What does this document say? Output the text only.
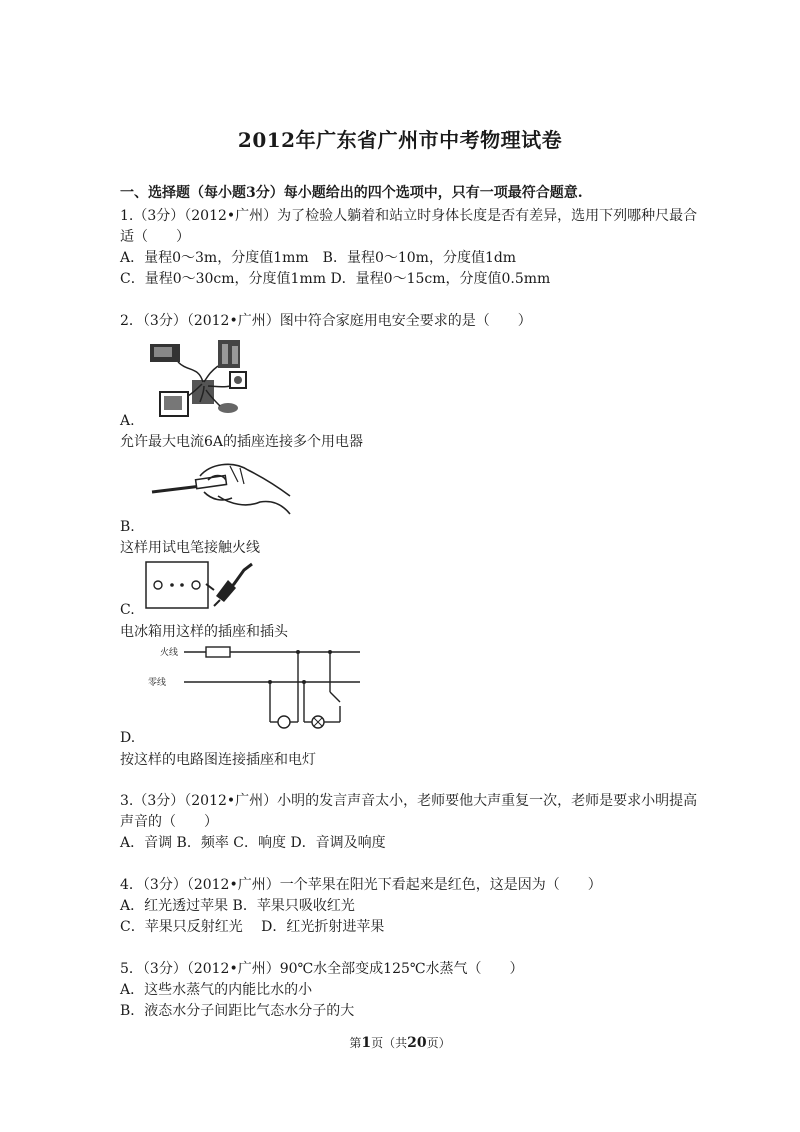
2012年广东省广州市中考物理试卷
一、选择题（每小题3分）每小题给出的四个选项中，只有一项最符合题意.
1.（3分）（2012•广州）为了检验人躺着和站立时身体长度是否有差异，选用下列哪种尺最合
适（　　）
A．量程0～3m，分度值1mm　B．量程0～10m，分度值1dm
C．量程0～30cm，分度值1mm D．量程0～15cm，分度值0.5mm
2．（3分）（2012•广州）图中符合家庭用电安全要求的是（　　）
A.
允许最大电流6A的插座连接多个用电器
B.
这样用试电笔接触火线
C.
电冰箱用这样的插座和插头
火线
零线
D.
按这样的电路图连接插座和电灯
3.（3分）（2012•广州）小明的发言声音太小，老师要他大声重复一次，老师是要求小明提高
声音的（　　）
A．音调 B．频率 C．响度 D．音调及响度
4．（3分）（2012•广州）一个苹果在阳光下看起来是红色，这是因为（　　）
A．红光透过苹果 B．苹果只吸收红光
C．苹果只反射红光　 D．红光折射进苹果
5．（3分）（2012•广州）90℃水全部变成125℃水蒸气（　　）
A．这些水蒸气的内能比水的小
B．液态水分子间距比气态水分子的大
第1页（共20页）
